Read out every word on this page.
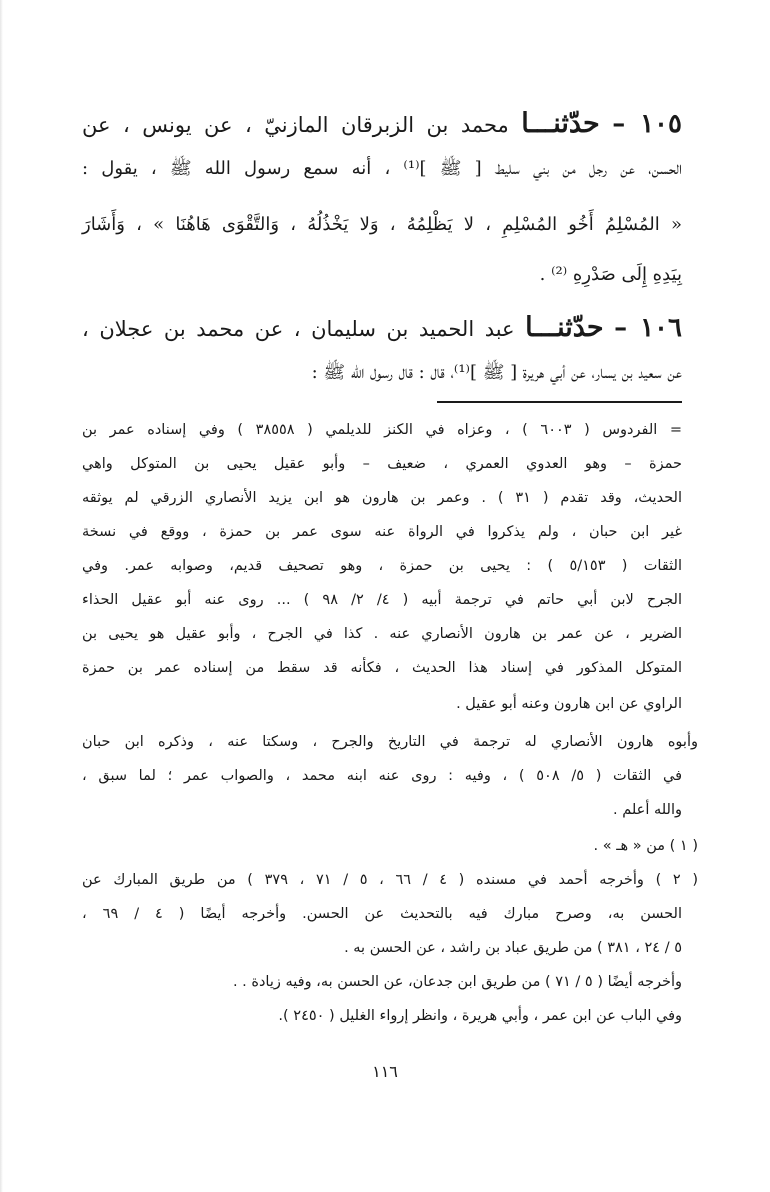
١٠٥ – حدّثنـــا محمد بن الزبرقان المازنيّ ، عن يونس ، عن
الحسن، عن رجل من بني سليط [ ﷺ ]⁽¹⁾ ، أنه سمع رسول الله ﷺ ، يقول :
« المُسْلِمُ أَخُو المُسْلِمِ ، لا يَظْلِمُهُ ، وَلا يَخْذُلُهُ ، وَالتَّقْوَى هَاهُنَا » ، وَأَشَارَ
بِيَدِهِ إِلَى صَدْرِهِ ⁽²⁾ .
١٠٦ – حدّثنـــا عبد الحميد بن سليمان ، عن محمد بن عجلان ،
عن سعيد بن يسار، عن أبي هريرة [ ﷺ ]⁽¹⁾، قال : قال رسول الله ﷺ :
= الفردوس ( ٦٠٠٣ ) ، وعزاه في الكنز للديلمي ( ٣٨٥٥٨ ) وفي إسناده عمر بن
حمزة – وهو العدوي العمري ، ضعيف – وأبو عقيل يحيى بن المتوكل واهي
الحديث، وقد تقدم ( ٣١ ) . وعمر بن هارون هو ابن يزيد الأنصاري الزرقي لم يوثقه
غير ابن حبان ، ولم يذكروا في الرواة عنه سوى عمر بن حمزة ، ووقع في نسخة
الثقات ( ٥/١٥٣ ) : يحيى بن حمزة ، وهو تصحيف قديم، وصوابه عمر. وفي
الجرح لابن أبي حاتم في ترجمة أبيه ( ٤/ ٢/ ٩٨ ) ... روى عنه أبو عقيل الحذاء
الضرير ، عن عمر بن هارون الأنصاري عنه . كذا في الجرح ، وأبو عقيل هو يحيى بن
المتوكل المذكور في إسناد هذا الحديث ، فكأنه قد سقط من إسناده عمر بن حمزة
الراوي عن ابن هارون وعنه أبو عقيل .
وأبوه هارون الأنصاري له ترجمة في التاريخ والجرح ، وسكتا عنه ، وذكره ابن حبان
في الثقات ( ٥/ ٥٠٨ ) ، وفيه : روى عنه ابنه محمد ، والصواب عمر ؛ لما سبق ،
والله أعلم .
( ١ ) من « هـ » .
( ٢ ) وأخرجه أحمد في مسنده ( ٤ / ٦٦ ، ٥ / ٧١ ، ٣٧٩ ) من طريق المبارك عن
الحسن به، وصرح مبارك فيه بالتحديث عن الحسن. وأخرجه أيضًا ( ٤ / ٦٩ ،
٥ / ٢٤ ، ٣٨١ ) من طريق عباد بن راشد ، عن الحسن به .
وأخرجه أيضًا ( ٥ / ٧١ ) من طريق ابن جدعان، عن الحسن به، وفيه زيادة . .
وفي الباب عن ابن عمر ، وأبي هريرة ، وانظر إرواء الغليل ( ٢٤٥٠ ).
١١٦
